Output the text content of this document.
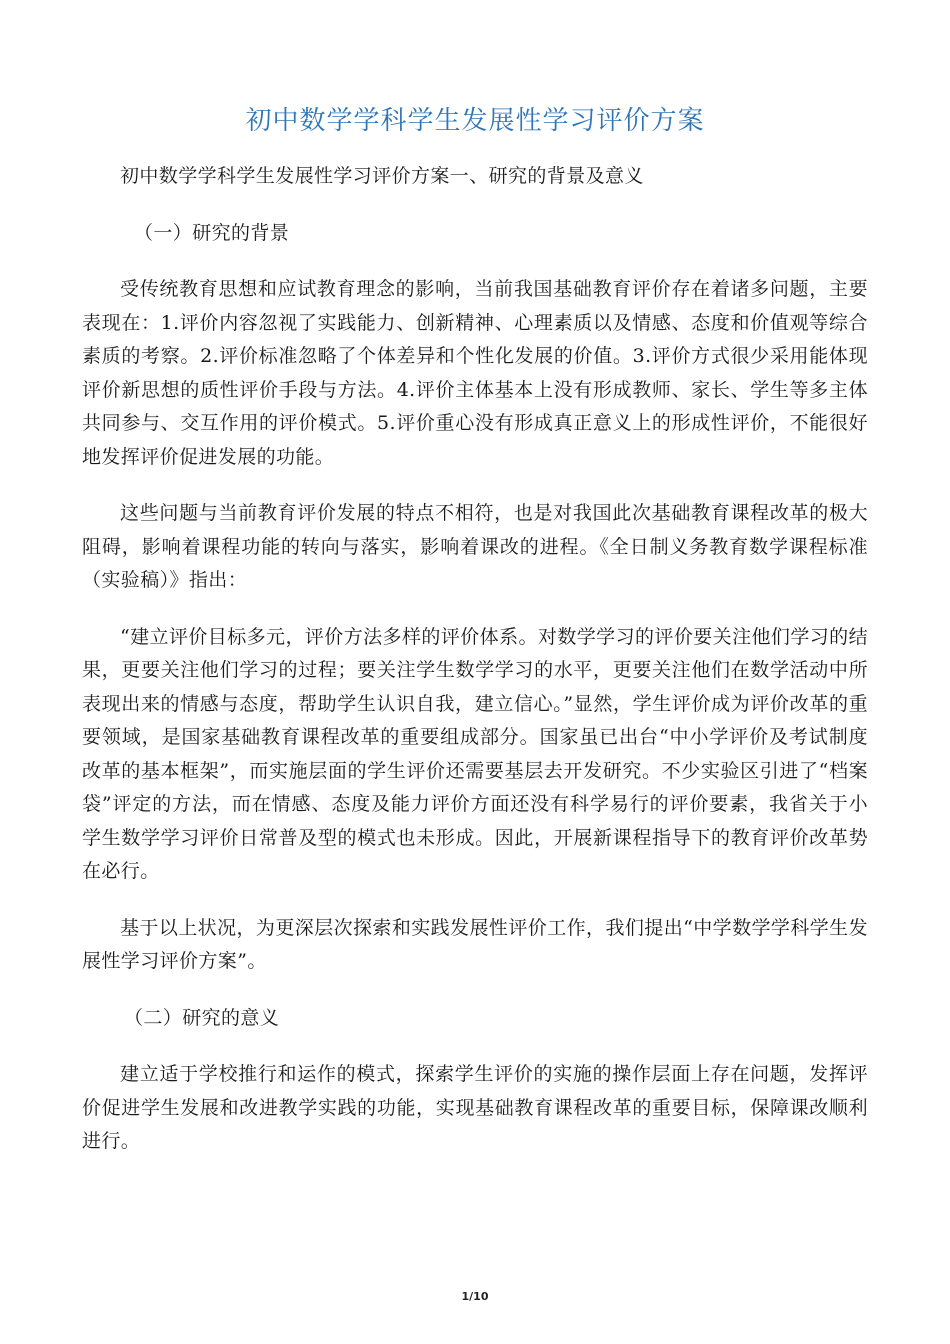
初中数学学科学生发展性学习评价方案

初中数学学科学生发展性学习评价方案一、研究的背景及意义

（一）研究的背景

受传统教育思想和应试教育理念的影响，当前我国基础教育评价存在着诸多问题，主要表现在：1.评价内容忽视了实践能力、创新精神、心理素质以及情感、态度和价值观等综合素质的考察。2.评价标准忽略了个体差异和个性化发展的价值。3.评价方式很少采用能体现评价新思想的质性评价手段与方法。4.评价主体基本上没有形成教师、家长、学生等多主体共同参与、交互作用的评价模式。5.评价重心没有形成真正意义上的形成性评价，不能很好地发挥评价促进发展的功能。

这些问题与当前教育评价发展的特点不相符，也是对我国此次基础教育课程改革的极大阻碍，影响着课程功能的转向与落实，影响着课改的进程。《全日制义务教育数学课程标准（实验稿）》指出：

“建立评价目标多元，评价方法多样的评价体系。对数学学习的评价要关注他们学习的结果，更要关注他们学习的过程；要关注学生数学学习的水平，更要关注他们在数学活动中所表现出来的情感与态度，帮助学生认识自我，建立信心。”显然，学生评价成为评价改革的重要领域，是国家基础教育课程改革的重要组成部分。国家虽已出台“中小学评价及考试制度改革的基本框架”，而实施层面的学生评价还需要基层去开发研究。不少实验区引进了“档案袋”评定的方法，而在情感、态度及能力评价方面还没有科学易行的评价要素，我省关于小学生数学学习评价日常普及型的模式也未形成。因此，开展新课程指导下的教育评价改革势在必行。

基于以上状况，为更深层次探索和实践发展性评价工作，我们提出“中学数学学科学生发展性学习评价方案”。

（二）研究的意义

建立适于学校推行和运作的模式，探索学生评价的实施的操作层面上存在问题，发挥评价促进学生发展和改进教学实践的功能，实现基础教育课程改革的重要目标，保障课改顺利进行。

1/10
